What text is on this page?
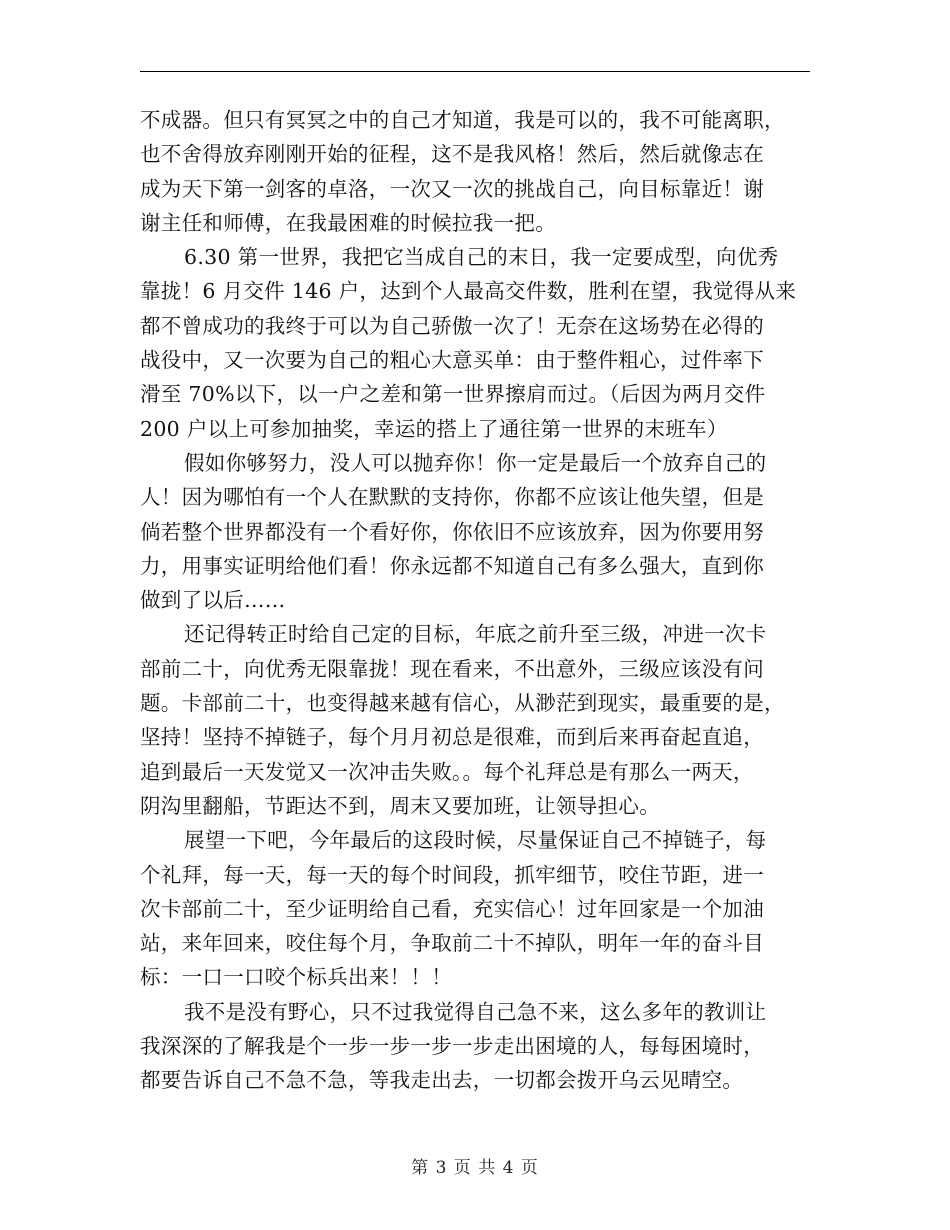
不成器。但只有冥冥之中的自己才知道，我是可以的，我不可能离职，
也不舍得放弃刚刚开始的征程，这不是我风格！然后，然后就像志在
成为天下第一剑客的卓洛，一次又一次的挑战自己，向目标靠近！谢
谢主任和师傅，在我最困难的时候拉我一把。
6.30 第一世界，我把它当成自己的末日，我一定要成型，向优秀
靠拢！6 月交件 146 户，达到个人最高交件数，胜利在望，我觉得从来
都不曾成功的我终于可以为自己骄傲一次了！无奈在这场势在必得的
战役中，又一次要为自己的粗心大意买单：由于整件粗心，过件率下
滑至 70%以下，以一户之差和第一世界擦肩而过。（后因为两月交件
200 户以上可参加抽奖，幸运的搭上了通往第一世界的末班车）
假如你够努力，没人可以抛弃你！你一定是最后一个放弃自己的
人！因为哪怕有一个人在默默的支持你，你都不应该让他失望，但是
倘若整个世界都没有一个看好你，你依旧不应该放弃，因为你要用努
力，用事实证明给他们看！你永远都不知道自己有多么强大，直到你
做到了以后……
还记得转正时给自己定的目标，年底之前升至三级，冲进一次卡
部前二十，向优秀无限靠拢！现在看来，不出意外，三级应该没有问
题。卡部前二十，也变得越来越有信心，从渺茫到现实，最重要的是，
坚持！坚持不掉链子，每个月月初总是很难，而到后来再奋起直追，
追到最后一天发觉又一次冲击失败。。每个礼拜总是有那么一两天，
阴沟里翻船，节距达不到，周末又要加班，让领导担心。
展望一下吧，今年最后的这段时候，尽量保证自己不掉链子，每
个礼拜，每一天，每一天的每个时间段，抓牢细节，咬住节距，进一
次卡部前二十，至少证明给自己看，充实信心！过年回家是一个加油
站，来年回来，咬住每个月，争取前二十不掉队，明年一年的奋斗目
标：一口一口咬个标兵出来！！！
我不是没有野心，只不过我觉得自己急不来，这么多年的教训让
我深深的了解我是个一步一步一步一步走出困境的人，每每困境时，
都要告诉自己不急不急，等我走出去，一切都会拨开乌云见晴空。
第 3 页 共 4 页
